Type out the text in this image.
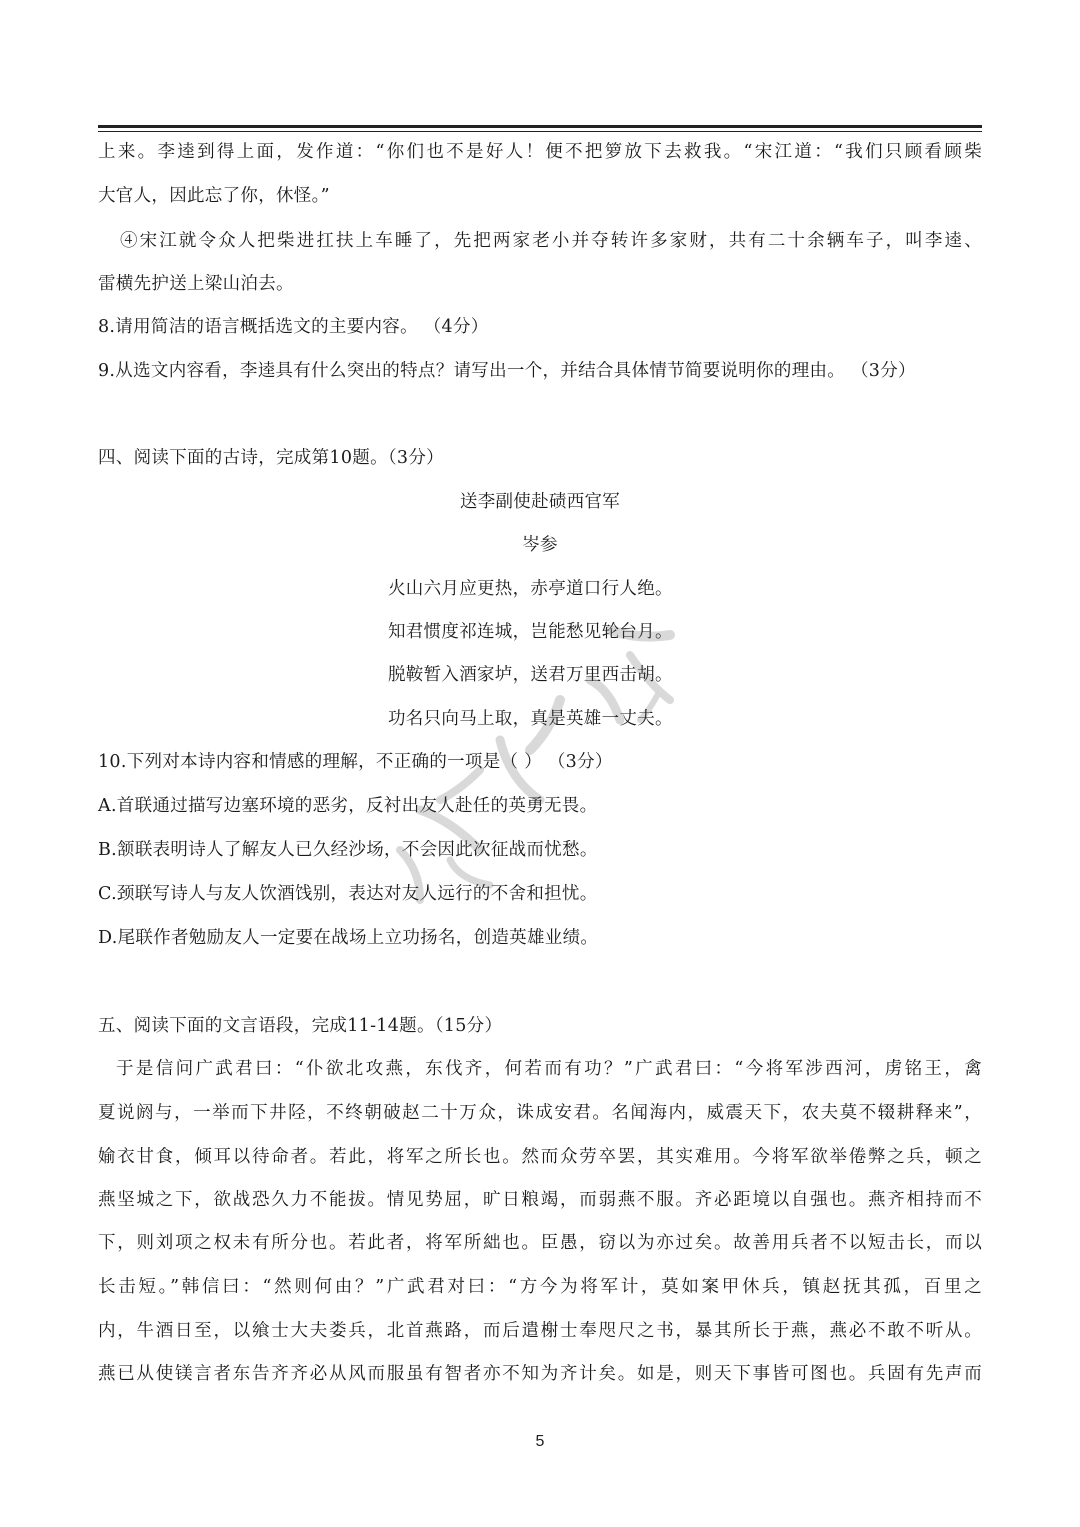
上来。李逵到得上面，发作道：“你们也不是好人！便不把箩放下去救我。“宋江道：“我们只顾看顾柴
大官人，因此忘了你，休怪。”
④宋江就令众人把柴进扛扶上车睡了，先把两家老小并夺转许多家财，共有二十余辆车子，叫李逵、
雷横先护送上梁山泊去。
8.请用简洁的语言概括选文的主要内容。 （4分）
9.从选文内容看，李逵具有什么突出的特点？请写出一个，并结合具体情节简要说明你的理由。 （3分）
四、阅读下面的古诗，完成第10题。（3分）
送李副使赴碛西官军
岑参
火山六月应更热，赤亭道口行人绝。
知君惯度祁连城，岂能愁见轮台月。
脱鞍暂入酒家垆，送君万里西击胡。
功名只向马上取，真是英雄一丈夫。
10.下列对本诗内容和情感的理解，不正确的一项是（ ） （3分）
A.首联通过描写边塞环境的恶劣，反衬出友人赴任的英勇无畏。
B.颔联表明诗人了解友人已久经沙场，不会因此次征战而忧愁。
C.颈联写诗人与友人饮酒饯别，表达对友人远行的不舍和担忧。
D.尾联作者勉励友人一定要在战场上立功扬名，创造英雄业绩。
五、阅读下面的文言语段，完成11-14题。（15分）
于是信问广武君曰：“仆欲北攻燕，东伐齐，何若而有功？”广武君曰：“今将军涉西河，虏铭王，禽
夏说阏与，一举而下井陉，不终朝破赵二十万众，诛成安君。名闻海内，威震天下，农夫莫不辍耕释来”，
媮衣甘食，倾耳以待命者。若此，将军之所长也。然而众劳卒罢，其实难用。今将军欲举倦弊之兵，顿之
燕坚城之下，欲战恐久力不能拔。情见势屈，旷日粮竭，而弱燕不服。齐必距境以自强也。燕齐相持而不
下，则刘项之权未有所分也。若此者，将军所絀也。臣愚，窃以为亦过矣。故善用兵者不以短击长，而以
长击短。”韩信曰：“然则何由？”广武君对曰：“方今为将军计，莫如案甲休兵，镇赵抚其孤，百里之
内，牛酒日至，以飨士大夫娄兵，北首燕路，而后遣榭士奉咫尺之书，暴其所长于燕，燕必不敢不听从。
燕已从使镁言者东告齐齐必从风而服虽有智者亦不知为齐计矣。如是，则天下事皆可图也。兵固有先声而
5
